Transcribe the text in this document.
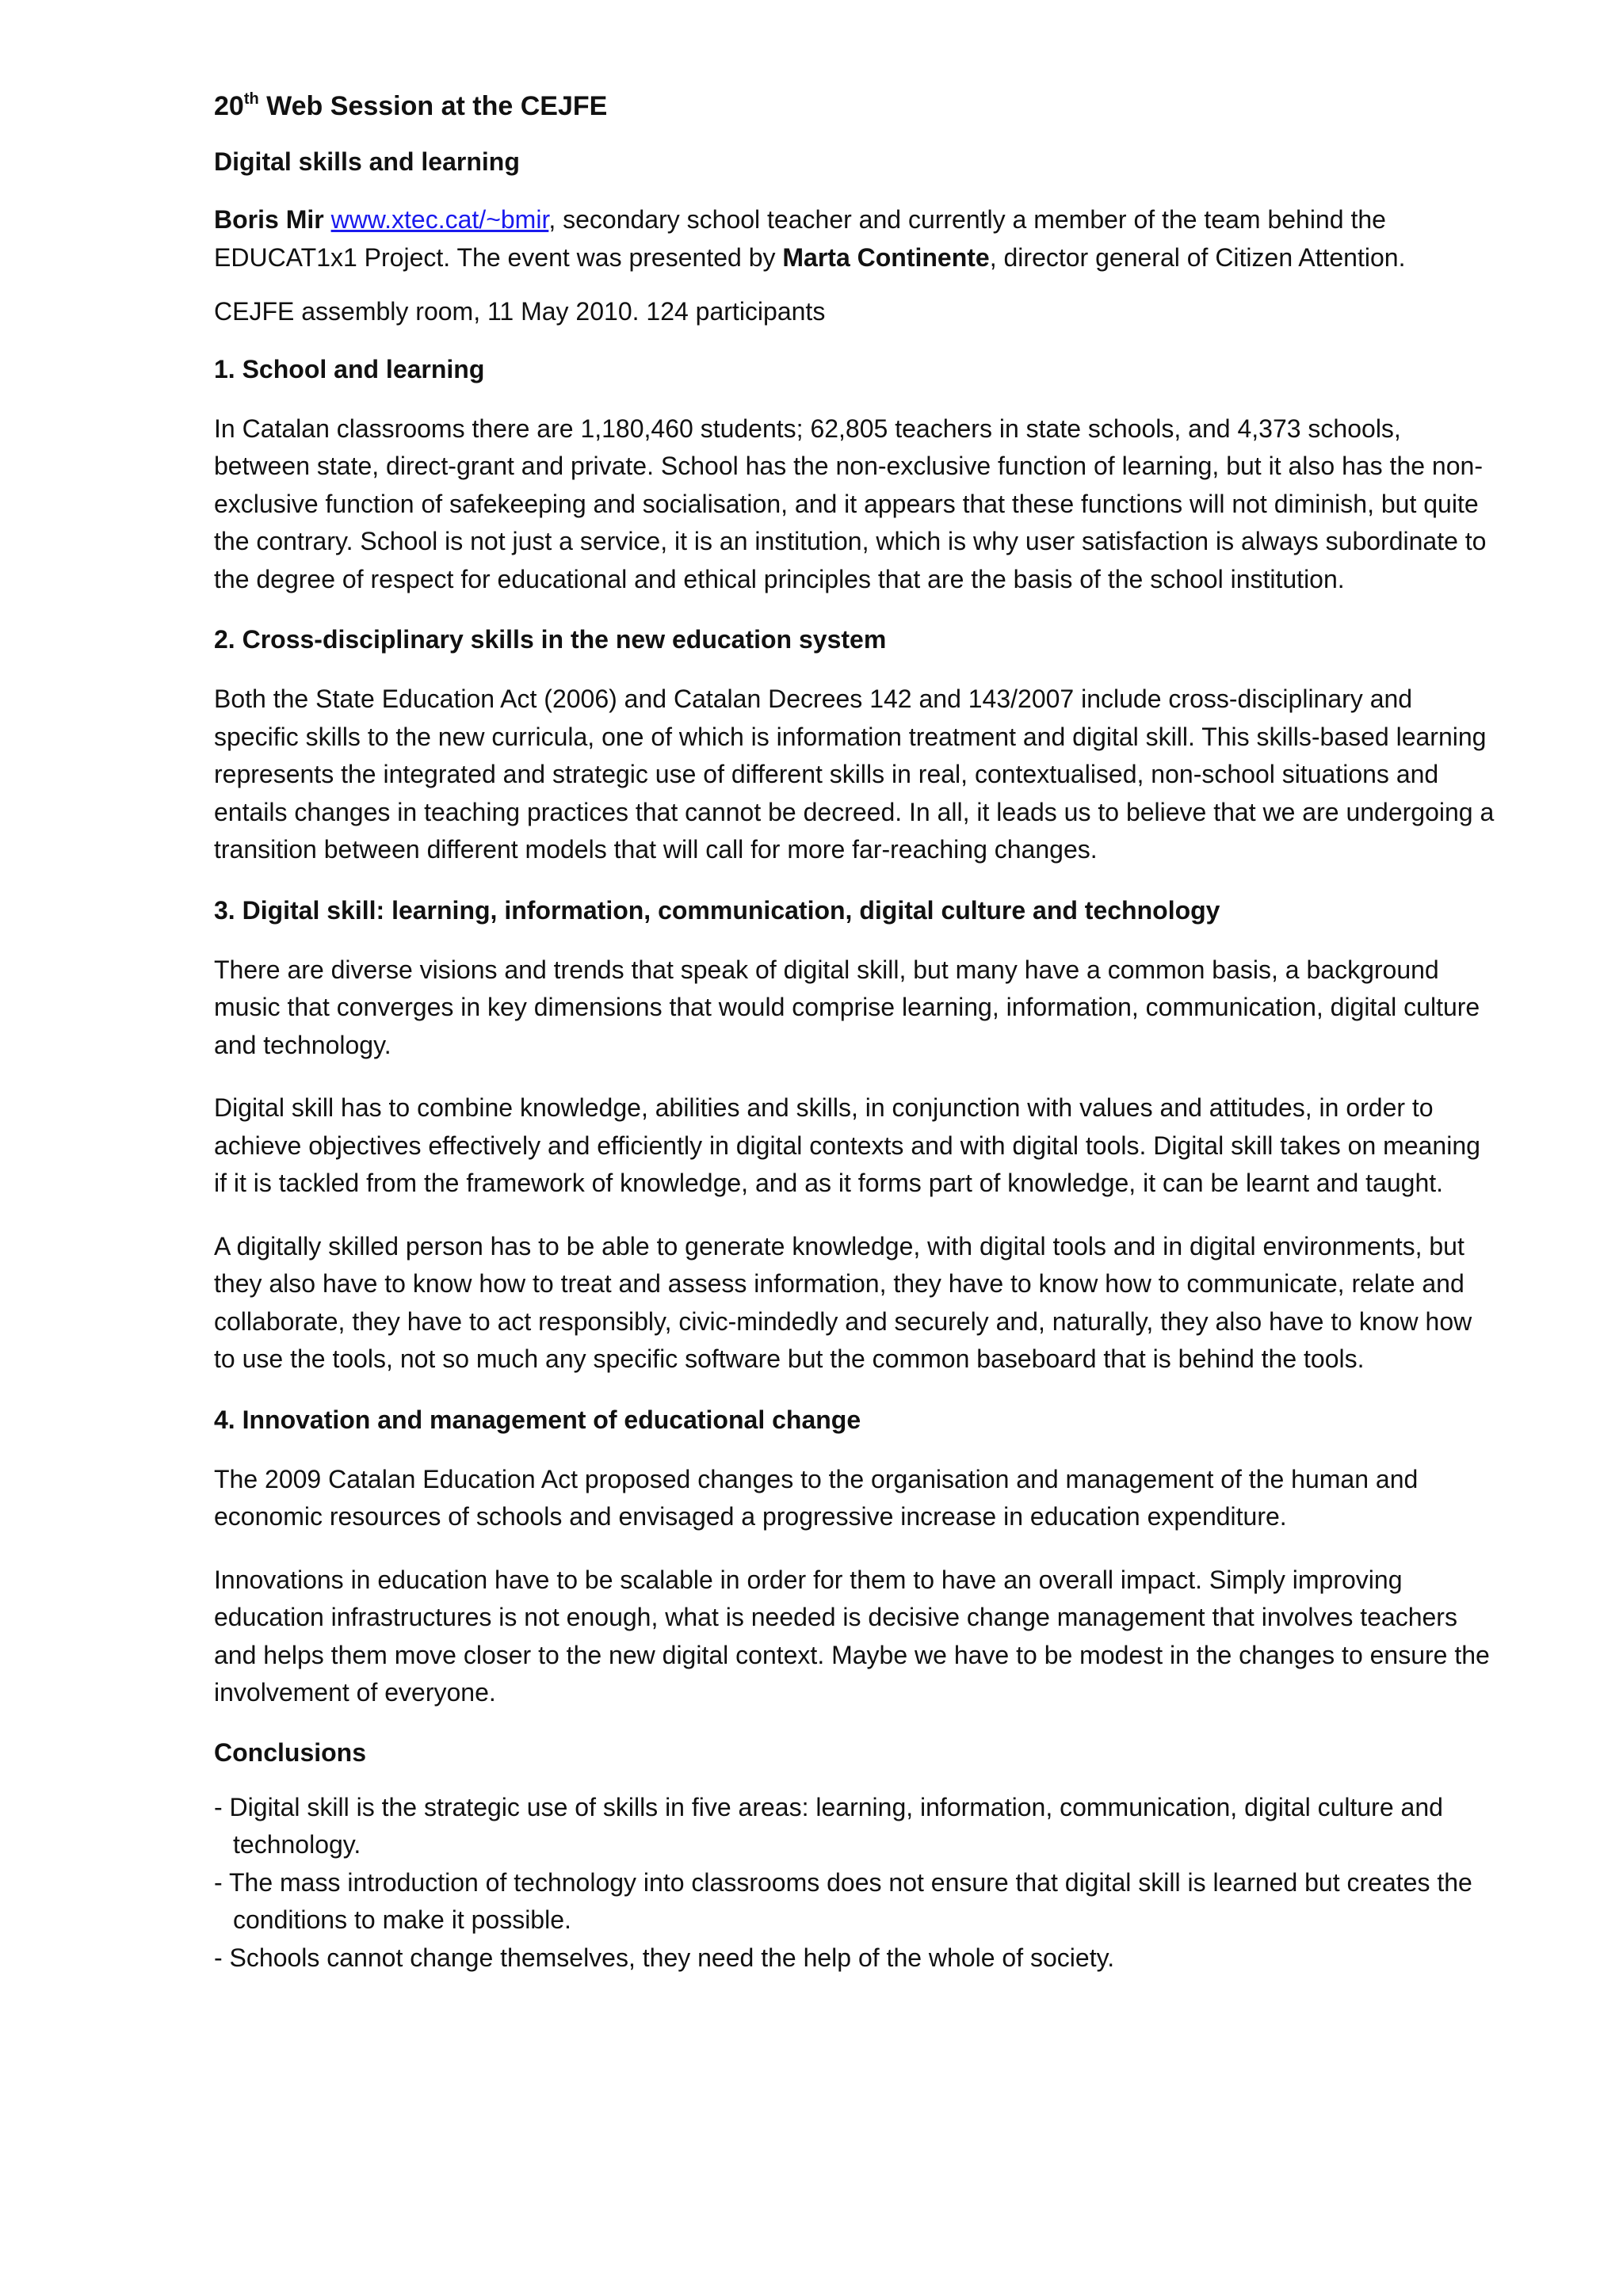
20th Web Session at the CEJFE
Digital skills and learning

Boris Mir www.xtec.cat/~bmir, secondary school teacher and currently a member of the team behind the EDUCAT1x1 Project. The event was presented by Marta Continente, director general of Citizen Attention.

CEJFE assembly room, 11 May 2010. 124 participants

1. School and learning

In Catalan classrooms there are 1,180,460 students; 62,805 teachers in state schools, and 4,373 schools, between state, direct-grant and private. School has the non-exclusive function of learning, but it also has the non-exclusive function of safekeeping and socialisation, and it appears that these functions will not diminish, but quite the contrary. School is not just a service, it is an institution, which is why user satisfaction is always subordinate to the degree of respect for educational and ethical principles that are the basis of the school institution.

2. Cross-disciplinary skills in the new education system

Both the State Education Act (2006) and Catalan Decrees 142 and 143/2007 include cross-disciplinary and specific skills to the new curricula, one of which is information treatment and digital skill. This skills-based learning represents the integrated and strategic use of different skills in real, contextualised, non-school situations and entails changes in teaching practices that cannot be decreed. In all, it leads us to believe that we are undergoing a transition between different models that will call for more far-reaching changes.

3. Digital skill: learning, information, communication, digital culture and technology

There are diverse visions and trends that speak of digital skill, but many have a common basis, a background music that converges in key dimensions that would comprise learning, information, communication, digital culture and technology.

Digital skill has to combine knowledge, abilities and skills, in conjunction with values and attitudes, in order to achieve objectives effectively and efficiently in digital contexts and with digital tools. Digital skill takes on meaning if it is tackled from the framework of knowledge, and as it forms part of knowledge, it can be learnt and taught.

A digitally skilled person has to be able to generate knowledge, with digital tools and in digital environments, but they also have to know how to treat and assess information, they have to know how to communicate, relate and collaborate, they have to act responsibly, civic-mindedly and securely and, naturally, they also have to know how to use the tools, not so much any specific software but the common baseboard that is behind the tools.

4. Innovation and management of educational change

The 2009 Catalan Education Act proposed changes to the organisation and management of the human and economic resources of schools and envisaged a progressive increase in education expenditure.

Innovations in education have to be scalable in order for them to have an overall impact. Simply improving education infrastructures is not enough, what is needed is decisive change management that involves teachers and helps them move closer to the new digital context. Maybe we have to be modest in the changes to ensure the involvement of everyone.

Conclusions
- Digital skill is the strategic use of skills in five areas: learning, information, communication, digital culture and technology.
- The mass introduction of technology into classrooms does not ensure that digital skill is learned but creates the conditions to make it possible.
- Schools cannot change themselves, they need the help of the whole of society.
